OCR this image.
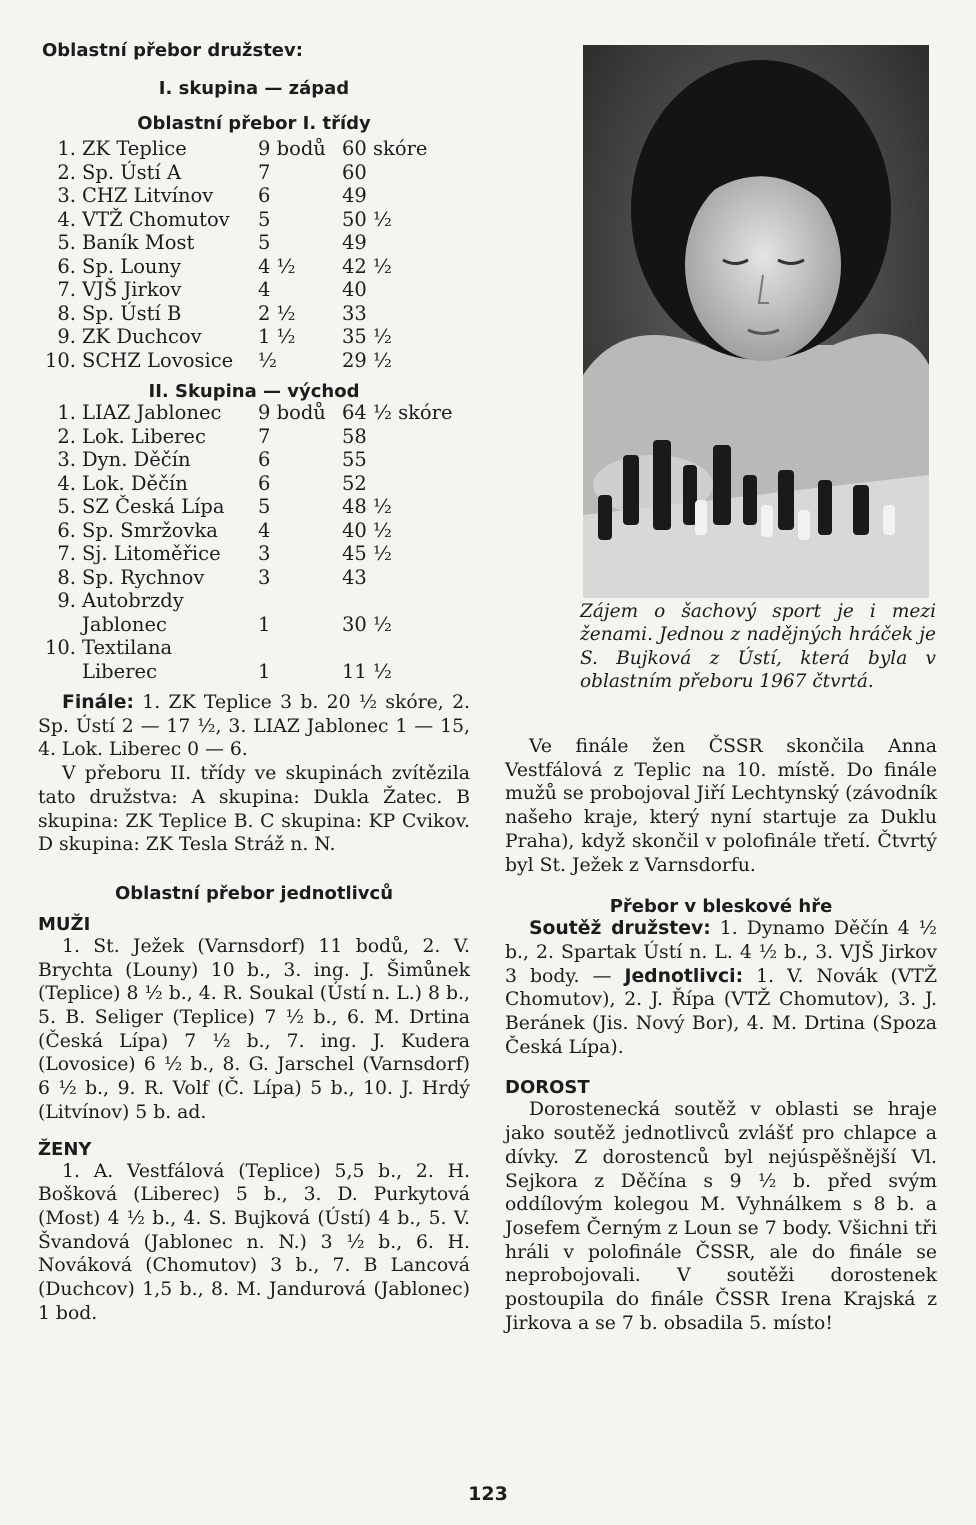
Oblastní přebor družstev:

I. skupina — západ

Oblastní přebor I. třídy

1.	ZK Teplice	9 bodů	60 skóre
2.	Sp. Ústí A	7	60
3.	CHZ Litvínov	6	49
4.	VTŽ Chomutov	5	50 ½
5.	Baník Most	5	49
6.	Sp. Louny	4 ½	42 ½
7.	VJŠ Jirkov	4	40
8.	Sp. Ústí B	2 ½	33
9.	ZK Duchcov	1 ½	35 ½
10.	SCHZ Lovosice	½	29 ½

II. Skupina — východ

1.	LIAZ Jablonec	9 bodů	64 ½ skóre
2.	Lok. Liberec	7	58
3.	Dyn. Děčín	6	55
4.	Lok. Děčín	6	52
5.	SZ Česká Lípa	5	48 ½
6.	Sp. Smržovka	4	40 ½
7.	Sj. Litoměřice	3	45 ½
8.	Sp. Rychnov	3	43
9.	Autobrzdy		
	Jablonec	1	30 ½
10.	Textilana		
	Liberec	1	11 ½

Finále: 1. ZK Teplice 3 b. 20 ½ skóre, 2. Sp. Ústí 2 — 17 ½, 3. LIAZ Jablonec 1 — 15, 4. Lok. Liberec 0 — 6.

V přeboru II. třídy ve skupinách zvítězila tato družstva: A skupina: Dukla Žatec. B skupina: ZK Teplice B. C skupina: KP Cvikov. D skupina: ZK Tesla Stráž n. N.

Oblastní přebor jednotlivců

MUŽI

1. St. Ježek (Varnsdorf) 11 bodů, 2. V. Brychta (Louny) 10 b., 3. ing. J. Šimůnek (Teplice) 8 ½ b., 4. R. Soukal (Ústí n. L.) 8 b., 5. B. Seliger (Teplice) 7 ½ b., 6. M. Drtina (Česká Lípa) 7 ½ b., 7. ing. J. Kudera (Lovosice) 6 ½ b., 8. G. Jarschel (Varnsdorf) 6 ½ b., 9. R. Volf (Č. Lípa) 5 b., 10. J. Hrdý (Litvínov) 5 b. ad.

ŽENY

1. A. Vestfálová (Teplice) 5,5 b., 2. H. Bošková (Liberec) 5 b., 3. D. Purkytová (Most) 4 ½ b., 4. S. Bujková (Ústí) 4 b., 5. V. Švandová (Jablonec n. N.) 3 ½ b., 6. H. Nováková (Chomutov) 3 b., 7. B Lancová (Duchcov) 1,5 b., 8. M. Jandurová (Jablonec) 1 bod.

Zájem o šachový sport je i mezi ženami. Jednou z nadějných hráček je S. Bujková z Ústí, která byla v oblastním přeboru 1967 čtvrtá.

Ve finále žen ČSSR skončila Anna Vestfálová z Teplic na 10. místě. Do finále mužů se probojoval Jiří Lechtynský (závodník našeho kraje, který nyní startuje za Duklu Praha), když skončil v polofinále třetí. Čtvrtý byl St. Ježek z Varnsdorfu.

Přebor v bleskové hře

Soutěž družstev: 1. Dynamo Děčín 4 ½ b., 2. Spartak Ústí n. L. 4 ½ b., 3. VJŠ Jirkov 3 body. — Jednotlivci: 1. V. Novák (VTŽ Chomutov), 2. J. Řípa (VTŽ Chomutov), 3. J. Beránek (Jis. Nový Bor), 4. M. Drtina (Spoza Česká Lípa).

DOROST

Dorostenecká soutěž v oblasti se hraje jako soutěž jednotlivců zvlášť pro chlapce a dívky. Z dorostenců byl nejúspěšnější Vl. Sejkora z Děčína s 9 ½ b. před svým oddílovým kolegou M. Vyhnálkem s 8 b. a Josefem Černým z Loun se 7 body. Všichni tři hráli v polofinále ČSSR, ale do finále se neprobojovali. V soutěži dorostenek postoupila do finále ČSSR Irena Krajská z Jirkova a se 7 b. obsadila 5. místo!

123
